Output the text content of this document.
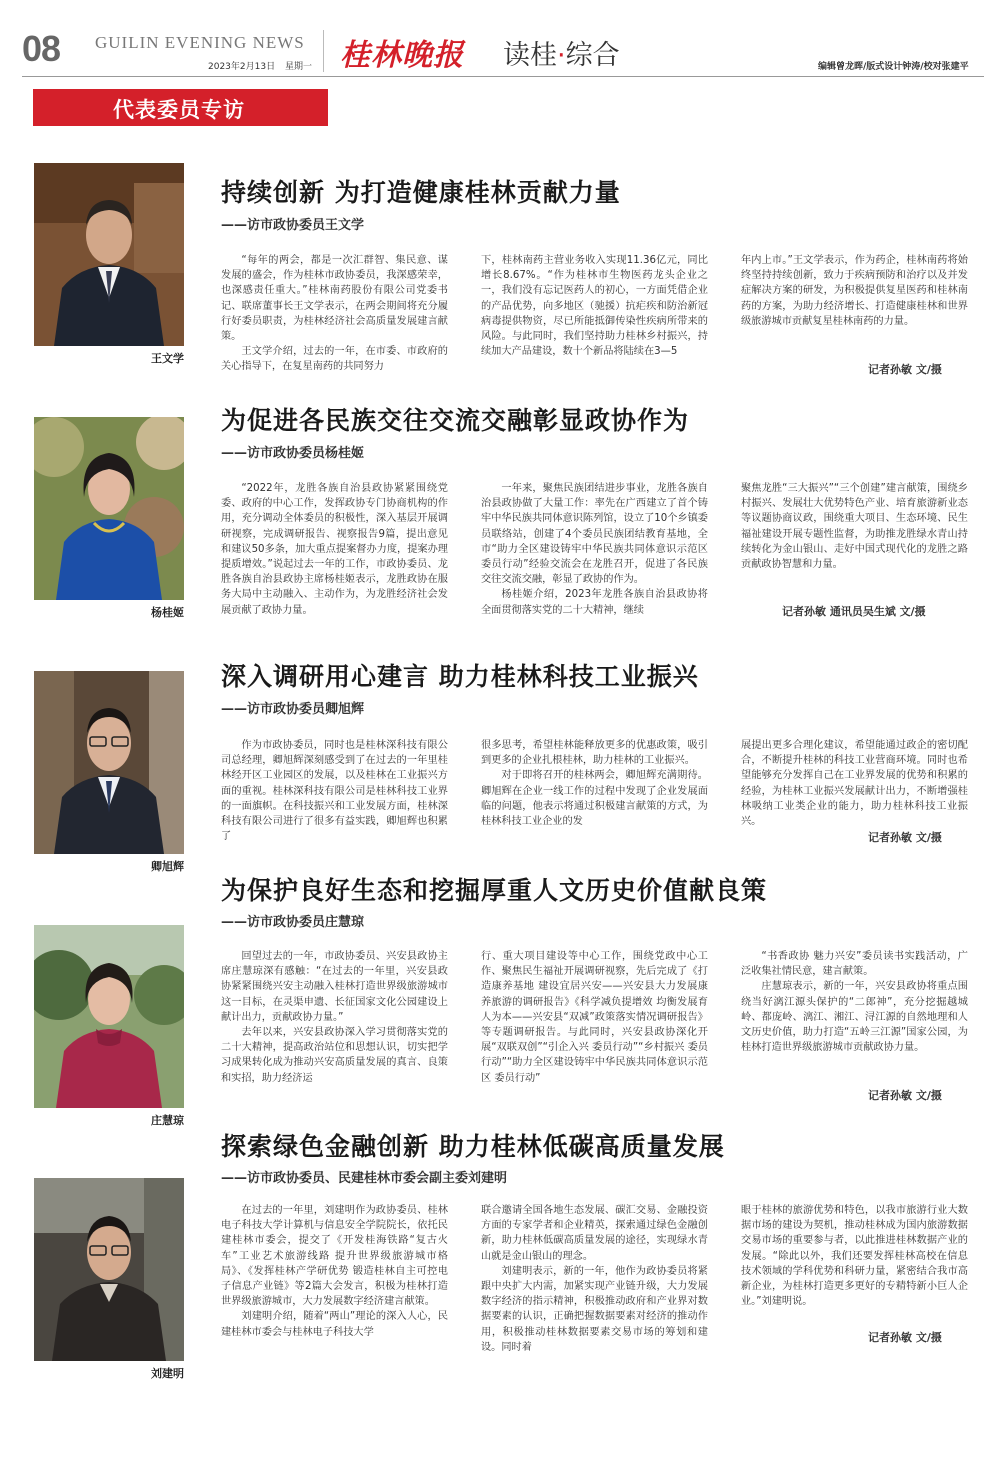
08 GUILIN EVENING NEWS
2023年2月13日 星期一 桂林晚报 读桂·综合	编辑曾龙晖/版式设计钟涛/校对张建平
代表委员专访
王文学
持续创新 为打造健康桂林贡献力量
——访市政协委员王文学

“每年的两会，都是一次汇群智、集民意、谋发展的盛会，作为桂林市政协委员，我深感荣幸，也深感责任重大。”桂林南药股份有限公司党委书记、联席董事长王文学表示，在两会期间将充分履行好委员职责，为桂林经济社会高质量发展建言献策。

王文学介绍，过去的一年，在市委、市政府的关心指导下，在复星南药的共同努力

下，桂林南药主营业务收入实现11.36亿元，同比增长8.67%。“作为桂林市生物医药龙头企业之一，我们没有忘记医药人的初心，一方面凭借企业的产品优势，向多地区（驰援）抗疟疾和防治新冠病毒提供物资，尽已所能抵御传染性疾病所带来的风险。与此同时，我们坚持助力桂林乡村振兴，持续加大产品建设，数十个新品将陆续在3—5

年内上市。”王文学表示，作为药企，桂林南药将始终坚持持续创新，致力于疾病预防和治疗以及并发症解决方案的研发，为积极提供复星医药和桂林南药的方案，为助力经济增长、打造健康桂林和世界级旅游城市贡献复星桂林南药的力量。

记者孙敏 文/摄
杨桂姬
为促进各民族交往交流交融彰显政协作为
——访市政协委员杨桂姬

“2022年，龙胜各族自治县政协紧紧围绕党委、政府的中心工作，发挥政协专门协商机构的作用，充分调动全体委员的积极性，深入基层开展调研视察，完成调研报告、视察报告9篇，提出意见和建议50多条，加大重点提案督办力度，提案办理提质增效。”说起过去一年的工作，市政协委员、龙胜各族自治县政协主席杨桂姬表示，龙胜政协在服务大局中主动融入、主动作为，为龙胜经济社会发展贡献了政协力量。

一年来，聚焦民族团结进步事业，龙胜各族自治县政协做了大量工作：率先在广西建立了首个铸牢中华民族共同体意识陈列馆，设立了10个乡镇委员联络站，创建了4个委员民族团结教育基地，全市“助力全区建设铸牢中华民族共同体意识示范区 委员行动”经验交流会在龙胜召开，促进了各民族交往交流交融，彰显了政协的作为。

杨桂姬介绍，2023年龙胜各族自治县政协将全面贯彻落实党的二十大精神，继续

聚焦龙胜“三大振兴”“三个创建”建言献策，围绕乡村振兴、发展壮大优势特色产业、培育旅游新业态等议题协商议政，围绕重大项目、生态环境、民生福祉建设开展专题性监督，为助推龙胜绿水青山持续转化为金山银山、走好中国式现代化的龙胜之路贡献政协智慧和力量。

记者孙敏 通讯员吴生斌 文/摄
卿旭辉
深入调研用心建言 助力桂林科技工业振兴
——访市政协委员卿旭辉

作为市政协委员，同时也是桂林深科技有限公司总经理，卿旭辉深刻感受到了在过去的一年里桂林经开区工业园区的发展，以及桂林在工业振兴方面的重视。桂林深科技有限公司是桂林科技工业界的一面旗帜。在科技振兴和工业发展方面，桂林深科技有限公司进行了很多有益实践，卿旭辉也积累了

很多思考，希望桂林能释放更多的优惠政策，吸引到更多的企业扎根桂林，助力桂林的工业振兴。

对于即将召开的桂林两会，卿旭辉充满期待。卿旭辉在企业一线工作的过程中发现了企业发展面临的问题，他表示将通过积极建言献策的方式，为桂林科技工业企业的发

展提出更多合理化建议，希望能通过政企的密切配合，不断提升桂林的科技工业营商环境。同时也希望能够充分发挥自己在工业界发展的优势和积累的经验，为桂林工业振兴发展献计出力，不断增强桂林吸纳工业类企业的能力，助力桂林科技工业振兴。

记者孙敏 文/摄
庄慧琼
为保护良好生态和挖掘厚重人文历史价值献良策
——访市政协委员庄慧琼

回望过去的一年，市政协委员、兴安县政协主席庄慧琼深有感触：“在过去的一年里，兴安县政协紧紧围绕兴安主动融入桂林打造世界级旅游城市这一目标，在灵渠申遗、长征国家文化公园建设上献计出力，贡献政协力量。”

去年以来，兴安县政协深入学习贯彻落实党的二十大精神，提高政治站位和思想认识，切实把学习成果转化成为推动兴安高质量发展的真言、良策和实招，助力经济运

行、重大项目建设等中心工作，围绕党政中心工作、聚焦民生福祉开展调研视察，先后完成了《打造康养基地 建设宜居兴安——兴安县大力发展康养旅游的调研报告》《科学减负提增效 均衡发展育人为本——兴安县“双减”政策落实情况调研报告》等专题调研报告。与此同时，兴安县政协深化开展“双联双创”“引企入兴 委员行动”“乡村振兴 委员行动”“助力全区建设铸牢中华民族共同体意识示范区 委员行动”

“书香政协 魅力兴安”委员读书实践活动，广泛收集社情民意，建言献策。

庄慧琼表示，新的一年，兴安县政协将重点围绕当好漓江源头保护的“二郎神”，充分挖掘越城岭、都庞岭、漓江、湘江、浔江源的自然地理和人文历史价值，助力打造“五岭三江源”国家公园，为桂林打造世界级旅游城市贡献政协力量。

记者孙敏 文/摄
刘建明
探索绿色金融创新 助力桂林低碳高质量发展
——访市政协委员、民建桂林市委会副主委刘建明

在过去的一年里，刘建明作为政协委员、桂林电子科技大学计算机与信息安全学院院长，依托民建桂林市委会，提交了《开发桂海铁路“复古火车”工业艺术旅游线路 提升世界级旅游城市格局》、《发挥桂林产学研优势 锻造桂林自主可控电子信息产业链》等2篇大会发言，积极为桂林打造世界级旅游城市，大力发展数字经济建言献策。

刘建明介绍，随着“两山”理论的深入人心，民建桂林市委会与桂林电子科技大学

联合邀请全国各地生态发展、碳汇交易、金融投资方面的专家学者和企业精英，探索通过绿色金融创新，助力桂林低碳高质量发展的途径，实现绿水青山就是金山银山的理念。

刘建明表示，新的一年，他作为政协委员将紧跟中央扩大内需，加紧实现产业链升级，大力发展数字经济的指示精神，积极推动政府和产业界对数据要素的认识，正确把握数据要素对经济的推动作用，积极推动桂林数据要素交易市场的筹划和建设。同时着

眼于桂林的旅游优势和特色，以我市旅游行业大数据市场的建设为契机，推动桂林成为国内旅游数据交易市场的重要参与者，以此推进桂林数据产业的发展。“除此以外，我们还要发挥桂林高校在信息技术领域的学科优势和科研力量，紧密结合我市高新企业，为桂林打造更多更好的专精特新小巨人企业。”刘建明说。

记者孙敏 文/摄
